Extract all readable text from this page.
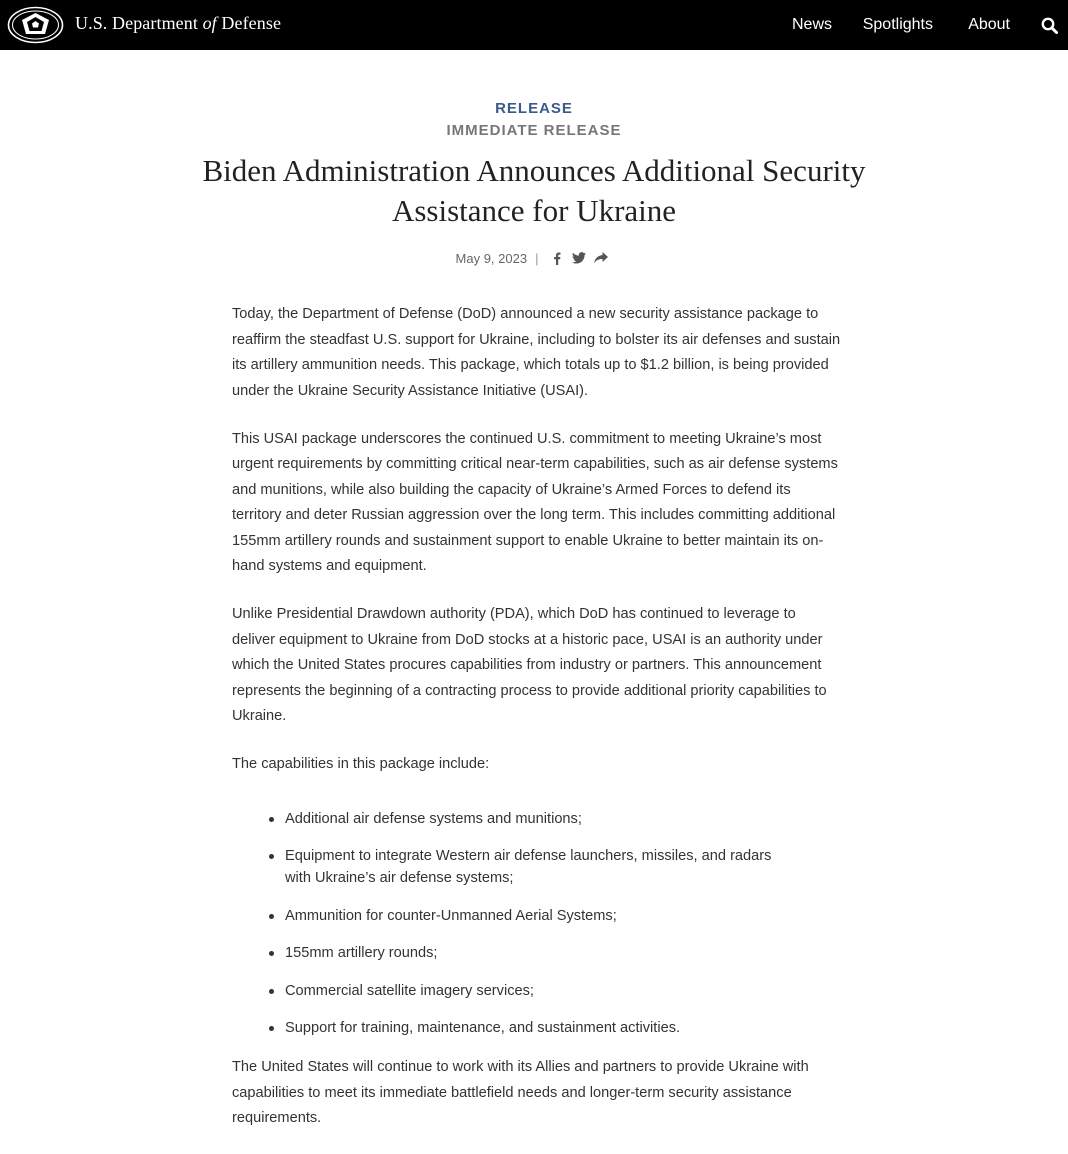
U.S. Department of Defense	News Spotlights About
RELEASE
IMMEDIATE RELEASE
Biden Administration Announces Additional Security Assistance for Ukraine
May 9, 2023 |

Today, the Department of Defense (DoD) announced a new security assistance package to reaffirm the steadfast U.S. support for Ukraine, including to bolster its air defenses and sustain its artillery ammunition needs. This package, which totals up to $1.2 billion, is being provided under the Ukraine Security Assistance Initiative (USAI).

This USAI package underscores the continued U.S. commitment to meeting Ukraine’s most urgent requirements by committing critical near-term capabilities, such as air defense systems and munitions, while also building the capacity of Ukraine’s Armed Forces to defend its territory and deter Russian aggression over the long term. This includes committing additional 155mm artillery rounds and sustainment support to enable Ukraine to better maintain its on-hand systems and equipment.

Unlike Presidential Drawdown authority (PDA), which DoD has continued to leverage to deliver equipment to Ukraine from DoD stocks at a historic pace, USAI is an authority under which the United States procures capabilities from industry or partners. This announcement represents the beginning of a contracting process to provide additional priority capabilities to Ukraine.

The capabilities in this package include:

Additional air defense systems and munitions;
Equipment to integrate Western air defense launchers, missiles, and radars with Ukraine’s air defense systems;
Ammunition for counter-Unmanned Aerial Systems;
155mm artillery rounds;
Commercial satellite imagery services;
Support for training, maintenance, and sustainment activities.

The United States will continue to work with its Allies and partners to provide Ukraine with capabilities to meet its immediate battlefield needs and longer-term security assistance requirements.
